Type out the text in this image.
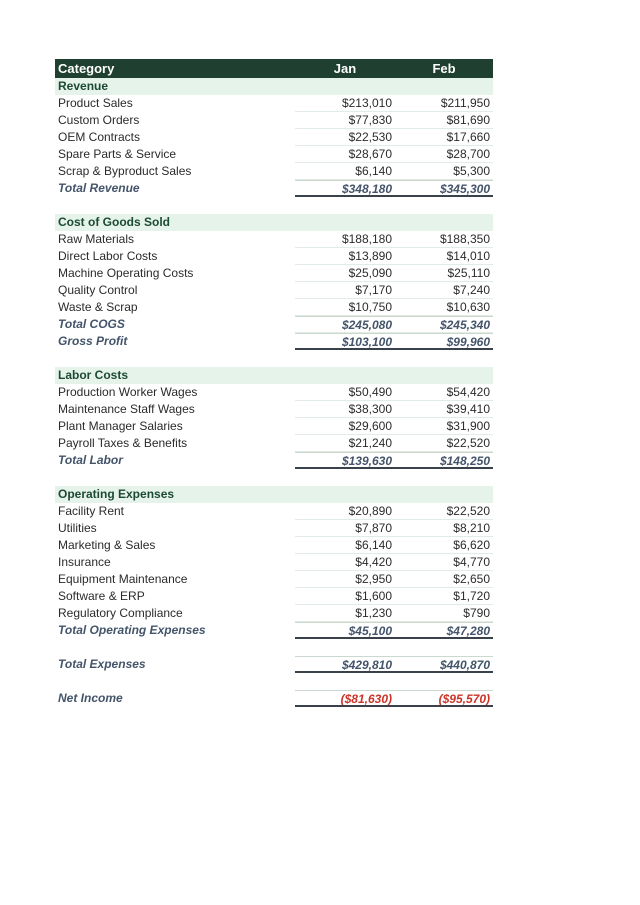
Category	Jan	Feb
Revenue
Product Sales	$213,010	$211,950
Custom Orders	$77,830	$81,690
OEM Contracts	$22,530	$17,660
Spare Parts & Service	$28,670	$28,700
Scrap & Byproduct Sales	$6,140	$5,300
Total Revenue	$348,180	$345,300
Cost of Goods Sold
Raw Materials	$188,180	$188,350
Direct Labor Costs	$13,890	$14,010
Machine Operating Costs	$25,090	$25,110
Quality Control	$7,170	$7,240
Waste & Scrap	$10,750	$10,630
Total COGS	$245,080	$245,340
Gross Profit	$103,100	$99,960
Labor Costs
Production Worker Wages	$50,490	$54,420
Maintenance Staff Wages	$38,300	$39,410
Plant Manager Salaries	$29,600	$31,900
Payroll Taxes & Benefits	$21,240	$22,520
Total Labor	$139,630	$148,250
Operating Expenses
Facility Rent	$20,890	$22,520
Utilities	$7,870	$8,210
Marketing & Sales	$6,140	$6,620
Insurance	$4,420	$4,770
Equipment Maintenance	$2,950	$2,650
Software & ERP	$1,600	$1,720
Regulatory Compliance	$1,230	$790
Total Operating Expenses	$45,100	$47,280
Total Expenses	$429,810	$440,870
Net Income	($81,630)	($95,570)
